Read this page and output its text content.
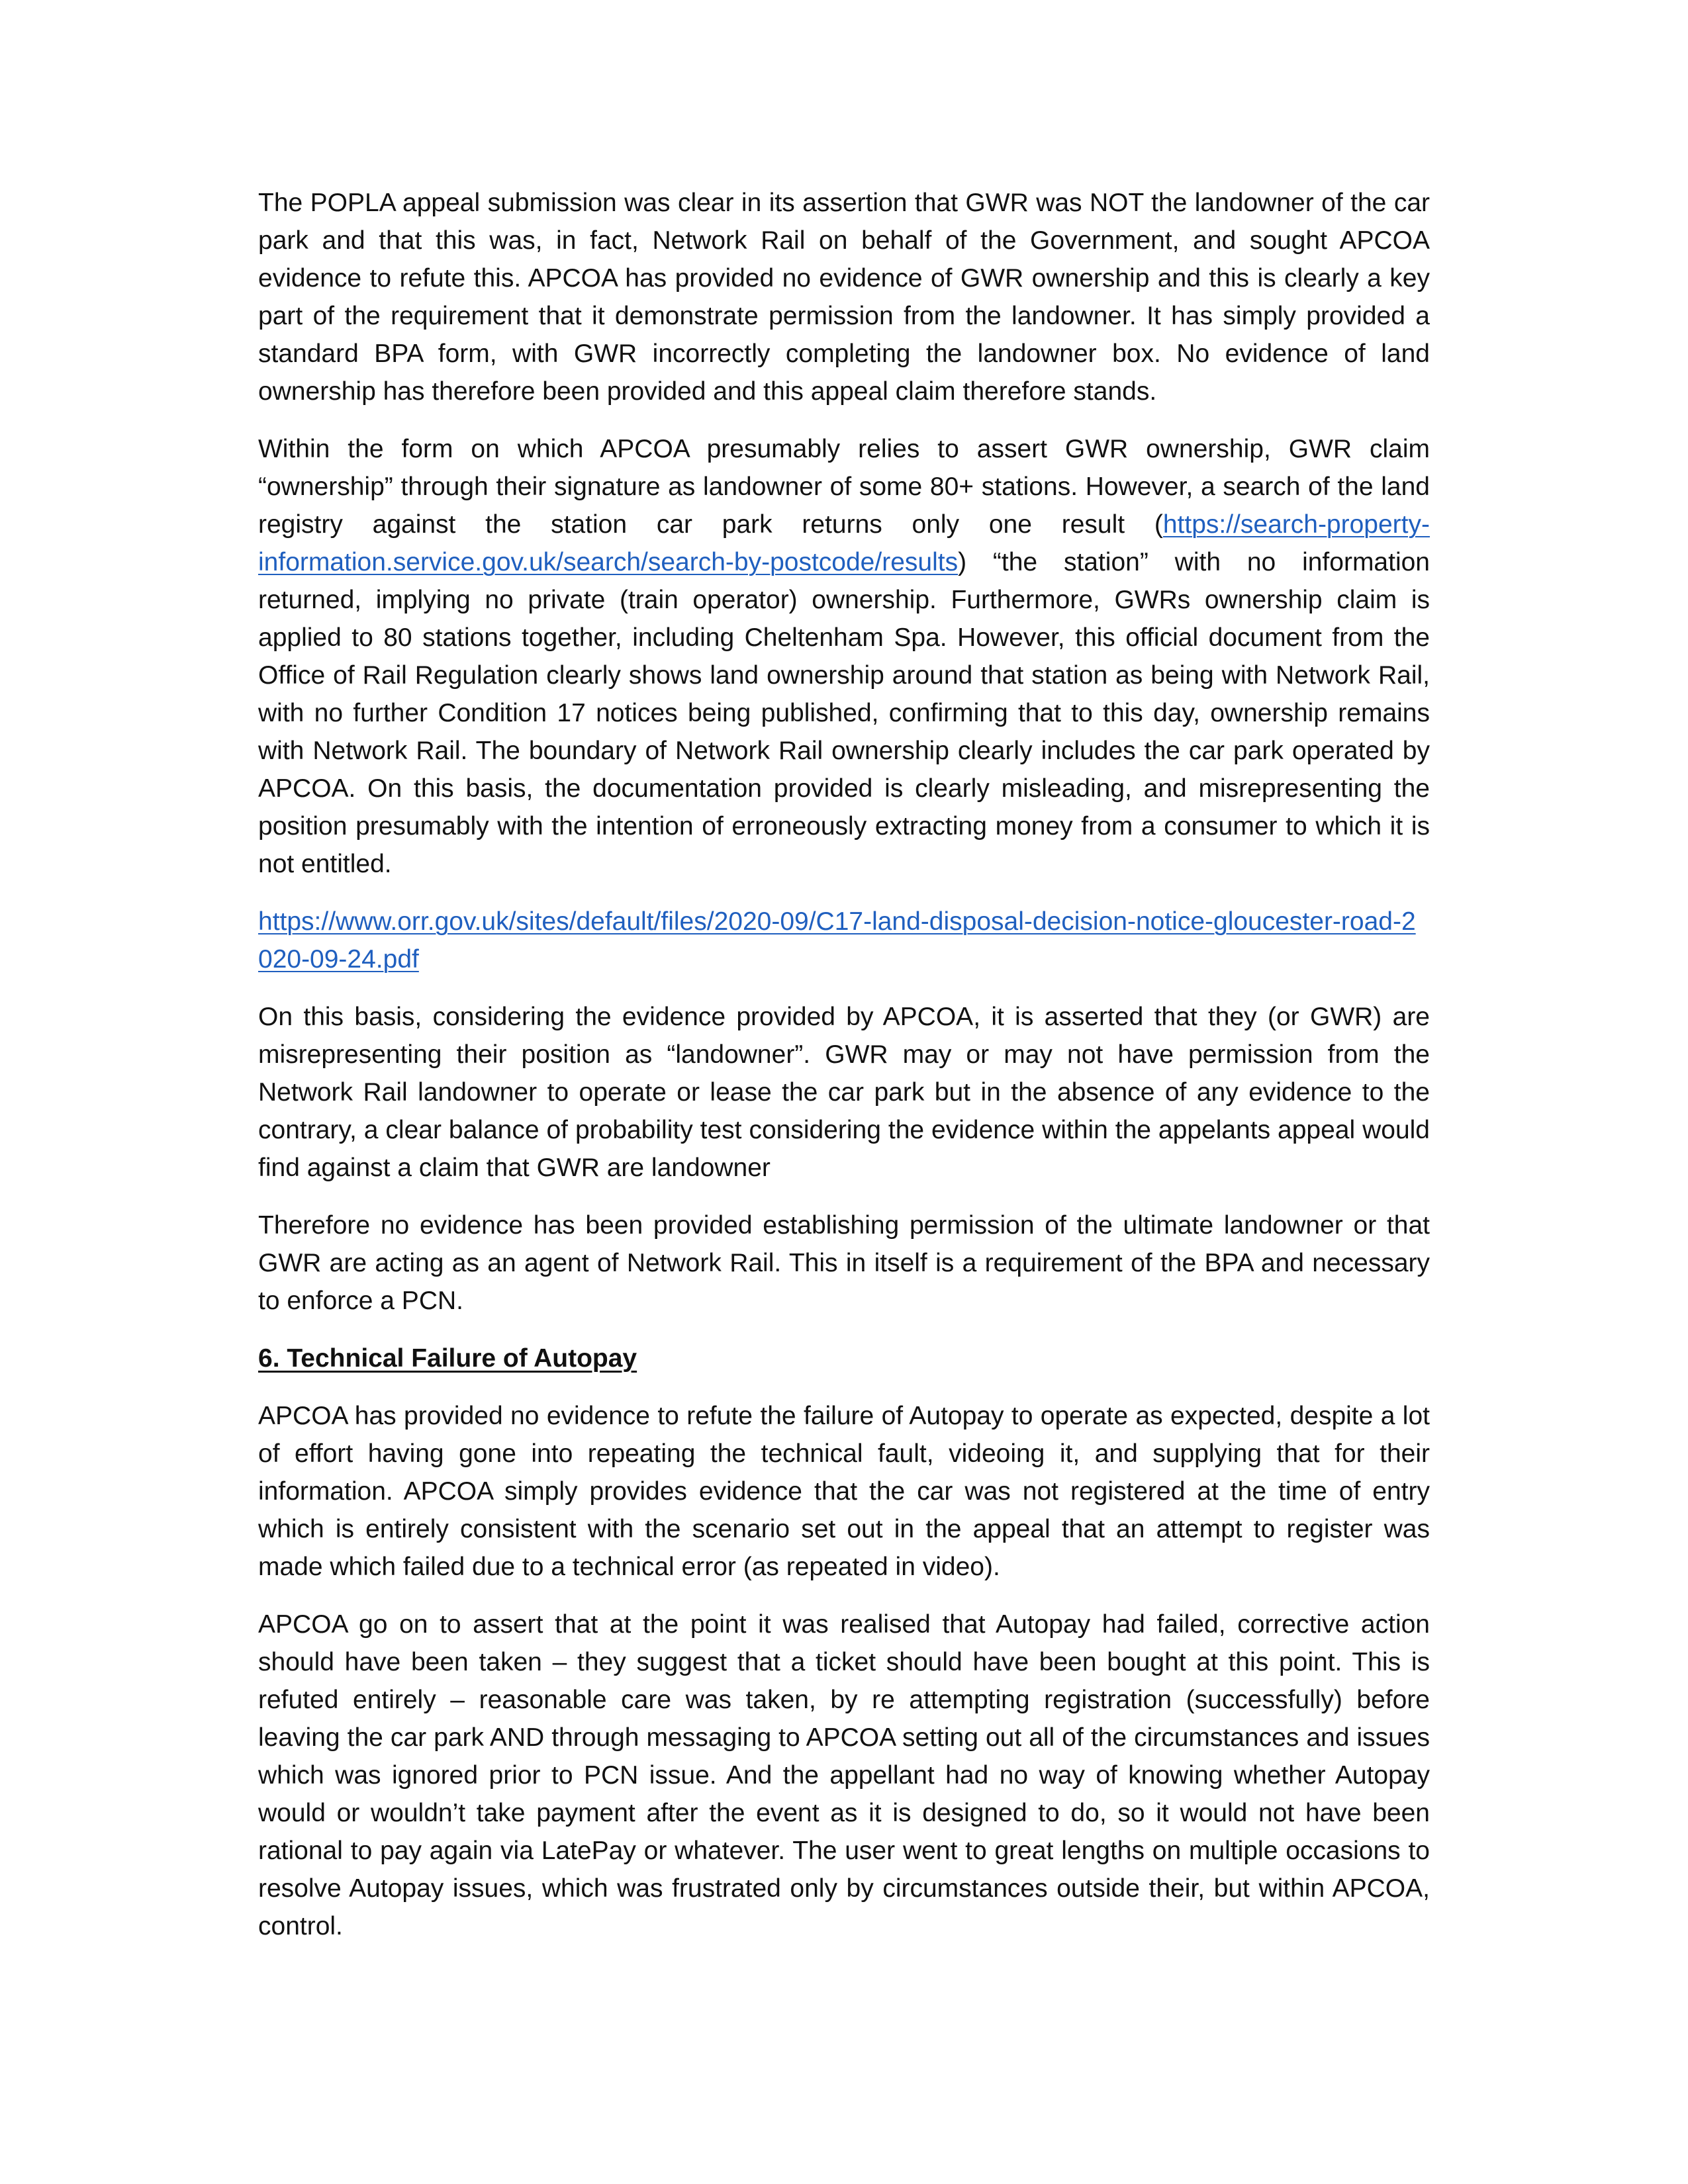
The POPLA appeal submission was clear in its assertion that GWR was NOT the landowner of the car park and that this was, in fact, Network Rail on behalf of the Government, and sought APCOA evidence to refute this. APCOA has provided no evidence of GWR ownership and this is clearly a key part of the requirement that it demonstrate permission from the landowner. It has simply provided a standard BPA form, with GWR incorrectly completing the landowner box. No evidence of land ownership has therefore been provided and this appeal claim therefore stands.

Within the form on which APCOA presumably relies to assert GWR ownership, GWR claim “ownership” through their signature as landowner of some 80+ stations. However, a search of the land registry against the station car park returns only one result (https://search-property-information.service.gov.uk/search/search-by-postcode/results) “the station” with no information returned, implying no private (train operator) ownership. Furthermore, GWRs ownership claim is applied to 80 stations together, including Cheltenham Spa. However, this official document from the Office of Rail Regulation clearly shows land ownership around that station as being with Network Rail, with no further Condition 17 notices being published, confirming that to this day, ownership remains with Network Rail. The boundary of Network Rail ownership clearly includes the car park operated by APCOA. On this basis, the documentation provided is clearly misleading, and misrepresenting the position presumably with the intention of erroneously extracting money from a consumer to which it is not entitled.

https://www.orr.gov.uk/sites/default/files/2020-09/C17-land-disposal-decision-notice-gloucester-road-2020-09-24.pdf

On this basis, considering the evidence provided by APCOA, it is asserted that they (or GWR) are misrepresenting their position as “landowner”. GWR may or may not have permission from the Network Rail landowner to operate or lease the car park but in the absence of any evidence to the contrary, a clear balance of probability test considering the evidence within the appelants appeal would find against a claim that GWR are landowner

Therefore no evidence has been provided establishing permission of the ultimate landowner or that GWR are acting as an agent of Network Rail. This in itself is a requirement of the BPA and necessary to enforce a PCN.

6. Technical Failure of Autopay

APCOA has provided no evidence to refute the failure of Autopay to operate as expected, despite a lot of effort having gone into repeating the technical fault, videoing it, and supplying that for their information. APCOA simply provides evidence that the car was not registered at the time of entry which is entirely consistent with the scenario set out in the appeal that an attempt to register was made which failed due to a technical error (as repeated in video).

APCOA go on to assert that at the point it was realised that Autopay had failed, corrective action should have been taken – they suggest that a ticket should have been bought at this point. This is refuted entirely – reasonable care was taken, by re attempting registration (successfully) before leaving the car park AND through messaging to APCOA setting out all of the circumstances and issues which was ignored prior to PCN issue. And the appellant had no way of knowing whether Autopay would or wouldn’t take payment after the event as it is designed to do, so it would not have been rational to pay again via LatePay or whatever. The user went to great lengths on multiple occasions to resolve Autopay issues, which was frustrated only by circumstances outside their, but within APCOA, control.
